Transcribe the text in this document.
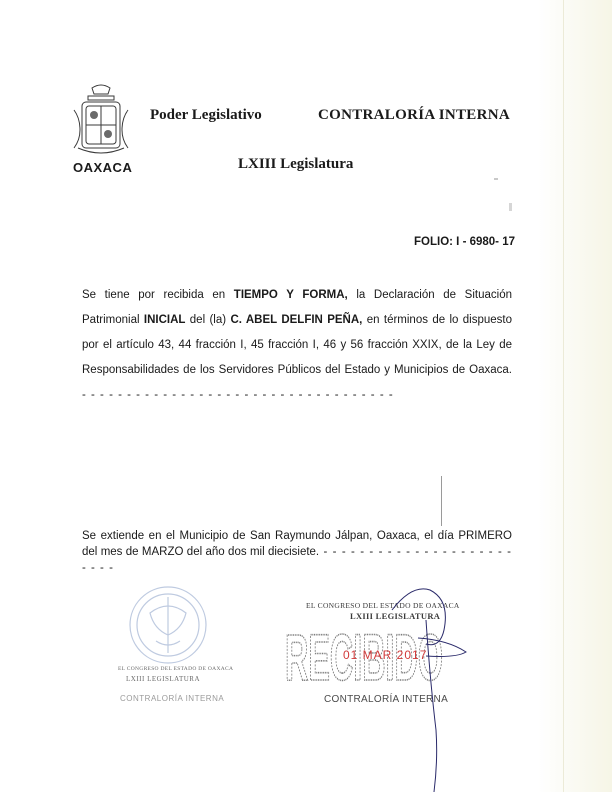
OAXACA
Poder Legislativo	CONTRALORÍA INTERNA
LXIII Legislatura
FOLIO: I - 6980- 17
Se tiene por recibida en TIEMPO Y FORMA, la Declaración de Situación Patrimonial INICIAL del (la) C. ABEL DELFIN PEÑA, en términos de lo dispuesto por el artículo 43, 44 fracción I, 45 fracción I, 46 y 56 fracción XXIX, de la Ley de Responsabilidades de los Servidores Públicos del Estado y Municipios de Oaxaca. - - - - - - - - - - - - - - - - - - - - - - - - - - - - - - - - - - -
Se extiende en el Municipio de San Raymundo Jálpan, Oaxaca, el día PRIMERO del mes de MARZO del año dos mil diecisiete. - - - - - - - - - - - - - - - - - - - - - - - - -
EL CONGRESO DEL ESTADO DE OAXACA
LXIII LEGISLATURA
CONTRALORÍA INTERNA
RECIBIDO
EL CONGRESO DEL ESTADO DE OAXACA
LXIII LEGISLATURA
01 MAR 2017
CONTRALORÍA INTERNA
